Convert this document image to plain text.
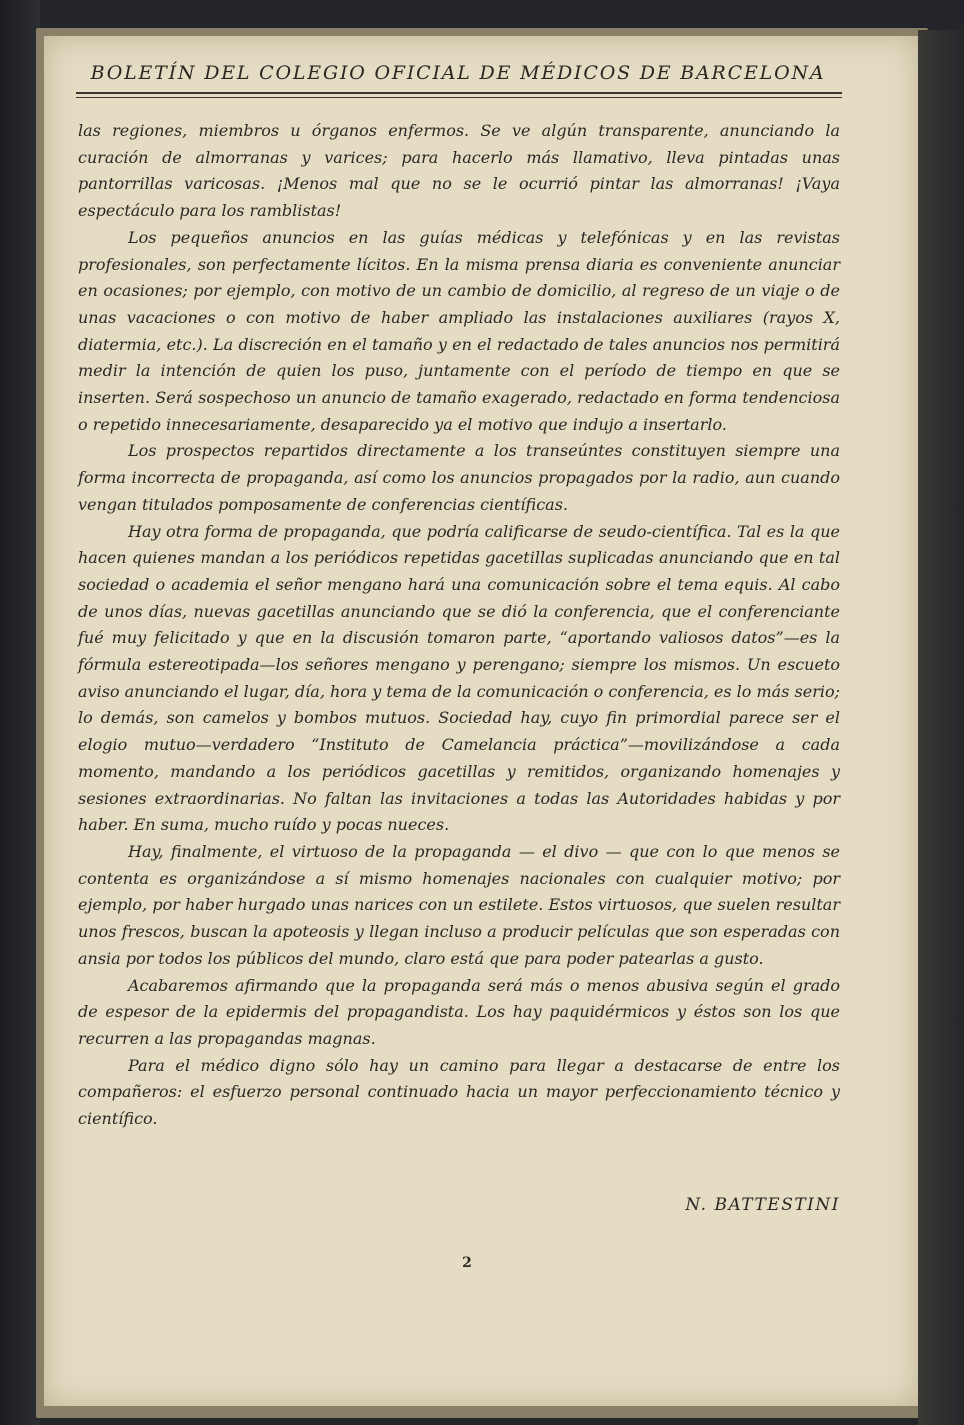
BOLETÍN DEL COLEGIO OFICIAL DE MÉDICOS DE BARCELONA

las regiones, miembros u órganos enfermos. Se ve algún transparente, anunciando la curación de almorranas y varices; para hacerlo más llamativo, lleva pintadas unas pantorrillas varicosas. ¡Menos mal que no se le ocurrió pintar las almorranas! ¡Vaya espectáculo para los ramblistas!

Los pequeños anuncios en las guías médicas y telefónicas y en las revistas profesionales, son perfectamente lícitos. En la misma prensa diaria es conveniente anunciar en ocasiones; por ejemplo, con motivo de un cambio de domicilio, al regreso de un viaje o de unas vacaciones o con motivo de haber ampliado las instalaciones auxiliares (rayos X, diatermia, etc.). La discreción en el tamaño y en el redactado de tales anuncios nos permitirá medir la intención de quien los puso, juntamente con el período de tiempo en que se inserten. Será sospechoso un anuncio de tamaño exagerado, redactado en forma tendenciosa o repetido innecesariamente, desaparecido ya el motivo que indujo a insertarlo.

Los prospectos repartidos directamente a los transeúntes constituyen siempre una forma incorrecta de propaganda, así como los anuncios propagados por la radio, aun cuando vengan titulados pomposamente de conferencias científicas.

Hay otra forma de propaganda, que podría calificarse de seudo-científica. Tal es la que hacen quienes mandan a los periódicos repetidas gacetillas suplicadas anunciando que en tal sociedad o academia el señor mengano hará una comunicación sobre el tema equis. Al cabo de unos días, nuevas gacetillas anunciando que se dió la conferencia, que el conferenciante fué muy felicitado y que en la discusión tomaron parte, “aportando valiosos datos”—es la fórmula estereotipada—los señores mengano y perengano; siempre los mismos. Un escueto aviso anunciando el lugar, día, hora y tema de la comunicación o conferencia, es lo más serio; lo demás, son camelos y bombos mutuos. Sociedad hay, cuyo fin primordial parece ser el elogio mutuo—verdadero “Instituto de Camelancia práctica”—movilizándose a cada momento, mandando a los periódicos gacetillas y remitidos, organizando homenajes y sesiones extraordinarias. No faltan las invitaciones a todas las Autoridades habidas y por haber. En suma, mucho ruído y pocas nueces.

Hay, finalmente, el virtuoso de la propaganda — el divo — que con lo que menos se contenta es organizándose a sí mismo homenajes nacionales con cualquier motivo; por ejemplo, por haber hurgado unas narices con un estilete. Estos virtuosos, que suelen resultar unos frescos, buscan la apoteosis y llegan incluso a producir películas que son esperadas con ansia por todos los públicos del mundo, claro está que para poder patearlas a gusto.

Acabaremos afirmando que la propaganda será más o menos abusiva según el grado de espesor de la epidermis del propagandista. Los hay paquidérmicos y éstos son los que recurren a las propagandas magnas.

Para el médico digno sólo hay un camino para llegar a destacarse de entre los compañeros: el esfuerzo personal continuado hacia un mayor perfeccionamiento técnico y científico.

N. BATTESTINI
2
